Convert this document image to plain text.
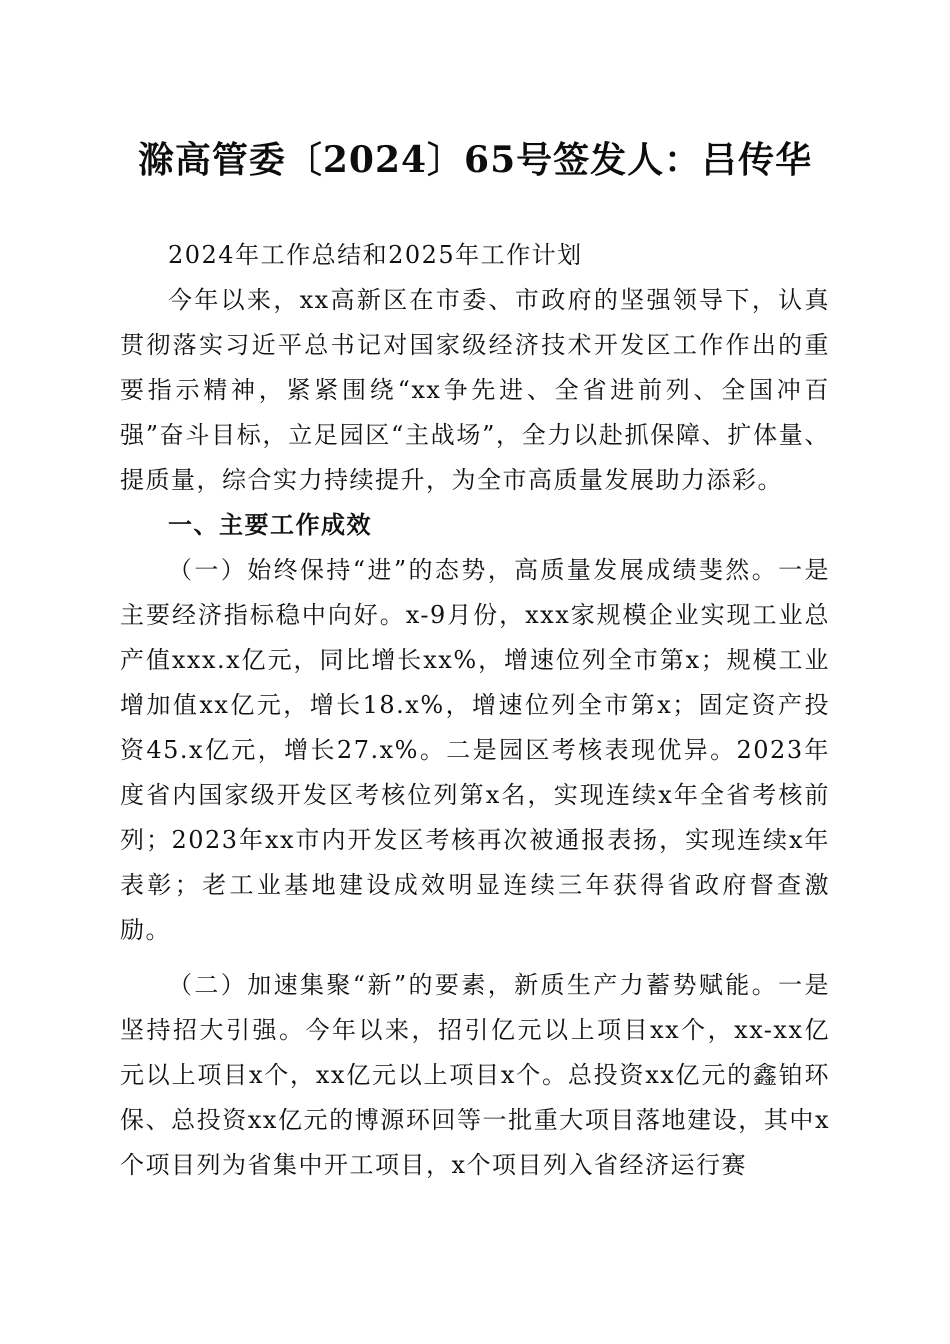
滁高管委〔2024〕65号签发人：吕传华

2024年工作总结和2025年工作计划

今年以来，xx高新区在市委、市政府的坚强领导下，认真贯彻落实习近平总书记对国家级经济技术开发区工作作出的重要指示精神，紧紧围绕“xx争先进、全省进前列、全国冲百强”奋斗目标，立足园区“主战场”，全力以赴抓保障、扩体量、提质量，综合实力持续提升，为全市高质量发展助力添彩。

一、主要工作成效

（一）始终保持“进”的态势，高质量发展成绩斐然。一是主要经济指标稳中向好。x-9月份，xxx家规模企业实现工业总产值xxx.x亿元，同比增长xx%，增速位列全市第x；规模工业增加值xx亿元，增长18.x%，增速位列全市第x；固定资产投资45.x亿元，增长27.x%。二是园区考核表现优异。2023年度省内国家级开发区考核位列第x名，实现连续x年全省考核前列；2023年xx市内开发区考核再次被通报表扬，实现连续x年表彰；老工业基地建设成效明显连续三年获得省政府督查激励。

（二）加速集聚“新”的要素，新质生产力蓄势赋能。一是坚持招大引强。今年以来，招引亿元以上项目xx个，xx-xx亿元以上项目x个，xx亿元以上项目x个。总投资xx亿元的鑫铂环保、总投资xx亿元的博源环回等一批重大项目落地建设，其中x个项目列为省集中开工项目，x个项目列入省经济运行赛
